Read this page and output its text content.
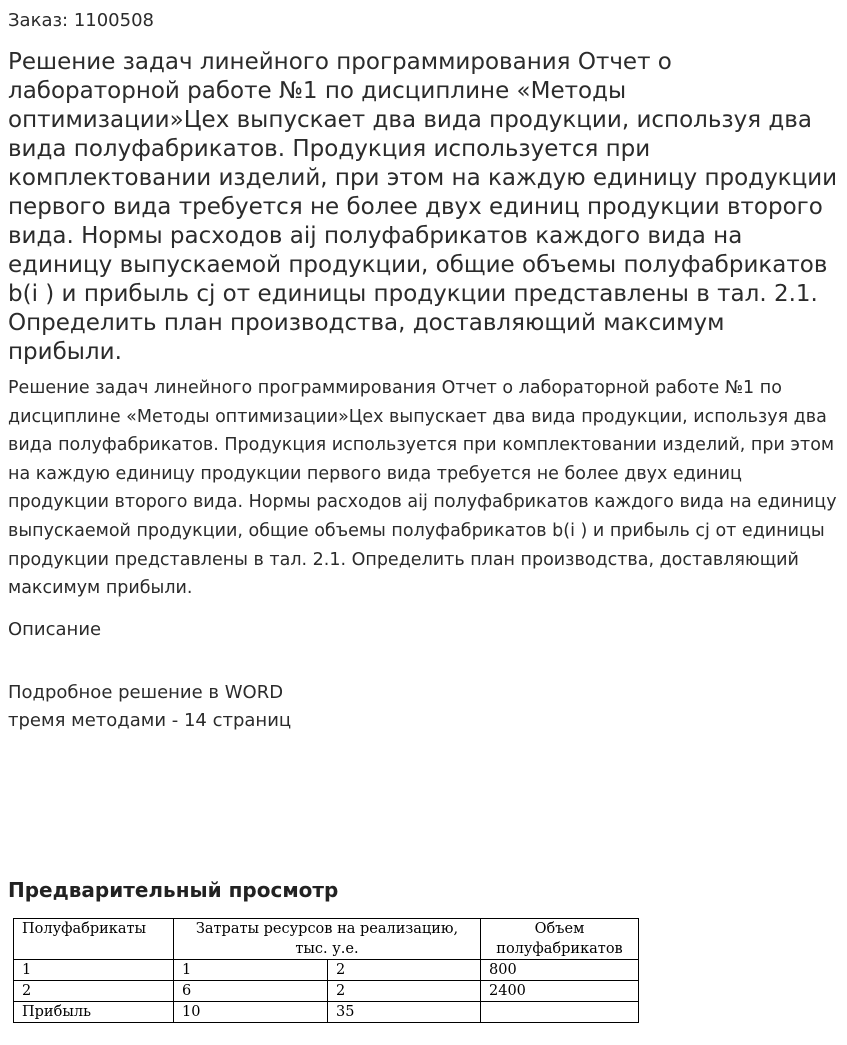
Заказ: 1100508
Решение задач линейного программирования Отчет о лабораторной работе №1 по дисциплине «Методы оптимизации»Цех выпускает два вида продукции, используя два вида полуфабрикатов. Продукция используется при комплектовании изделий, при этом на каждую единицу продукции первого вида требуется не более двух единиц продукции второго вида. Нормы расходов aij полуфабрикатов каждого вида на единицу выпускаемой продукции, общие объемы полуфабрикатов b(i ) и прибыль cj от единицы продукции представлены в тал. 2.1. Определить план производства, доставляющий максимум прибыли.

Решение задач линейного программирования Отчет о лабораторной работе №1 по дисциплине «Методы оптимизации»Цех выпускает два вида продукции, используя два вида полуфабрикатов. Продукция используется при комплектовании изделий, при этом на каждую единицу продукции первого вида требуется не более двух единиц продукции второго вида. Нормы расходов aij полуфабрикатов каждого вида на единицу выпускаемой продукции, общие объемы полуфабрикатов b(i ) и прибыль cj от единицы продукции представлены в тал. 2.1. Определить план производства, доставляющий максимум прибыли.

Описание
Подробное решение в WORD
тремя методами - 14 страниц
Предварительный просмотр
Полуфабрикаты	Затраты ресурсов на реализацию, тыс. у.е.		Объем полуфабрикатов
1	1	2	800
2	6	2	2400
Прибыль	10	35	
